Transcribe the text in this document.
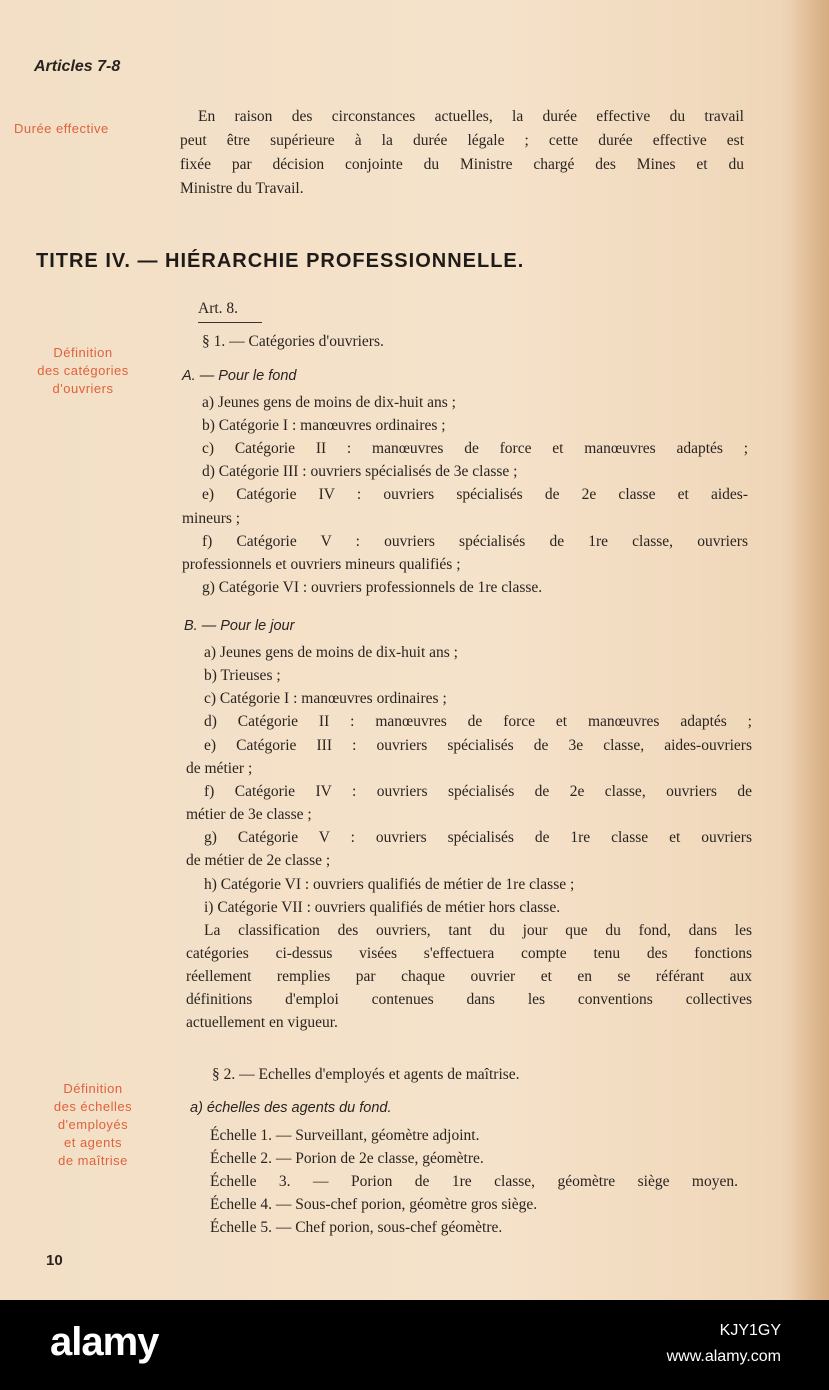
Articles 7-8
Durée effective
En raison des circonstances actuelles, la durée effective du travail
peut être supérieure à la durée légale ; cette durée effective est
fixée par décision conjointe du Ministre chargé des Mines et du
Ministre du Travail.
TITRE IV. — HIÉRARCHIE PROFESSIONNELLE.
Art. 8.
Définition
des catégories
d'ouvriers
§ 1. — Catégories d'ouvriers.
A. — Pour le fond
a) Jeunes gens de moins de dix-huit ans ;
b) Catégorie I : manœuvres ordinaires ;
c) Catégorie II : manœuvres de force et manœuvres adaptés ;
d) Catégorie III : ouvriers spécialisés de 3e classe ;
e) Catégorie IV : ouvriers spécialisés de 2e classe et aides-
mineurs ;
f) Catégorie V : ouvriers spécialisés de 1re classe, ouvriers
professionnels et ouvriers mineurs qualifiés ;
g) Catégorie VI : ouvriers professionnels de 1re classe.
B. — Pour le jour
a) Jeunes gens de moins de dix-huit ans ;
b) Trieuses ;
c) Catégorie I : manœuvres ordinaires ;
d) Catégorie II : manœuvres de force et manœuvres adaptés ;
e) Catégorie III : ouvriers spécialisés de 3e classe, aides-ouvriers
de métier ;
f) Catégorie IV : ouvriers spécialisés de 2e classe, ouvriers de
métier de 3e classe ;
g) Catégorie V : ouvriers spécialisés de 1re classe et ouvriers
de métier de 2e classe ;
h) Catégorie VI : ouvriers qualifiés de métier de 1re classe ;
i) Catégorie VII : ouvriers qualifiés de métier hors classe.
La classification des ouvriers, tant du jour que du fond, dans les
catégories ci-dessus visées s'effectuera compte tenu des fonctions
réellement remplies par chaque ouvrier et en se référant aux
définitions d'emploi contenues dans les conventions collectives
actuellement en vigueur.
Définition
des échelles
d'employés
et agents
de maîtrise
§ 2. — Echelles d'employés et agents de maîtrise.
a) échelles des agents du fond.
Échelle 1. — Surveillant, géomètre adjoint.
Échelle 2. — Porion de 2e classe, géomètre.
Échelle 3. — Porion de 1re classe, géomètre siège moyen.
Échelle 4. — Sous-chef porion, géomètre gros siège.
Échelle 5. — Chef porion, sous-chef géomètre.
10
alamy	KJY1GY
www.alamy.com
